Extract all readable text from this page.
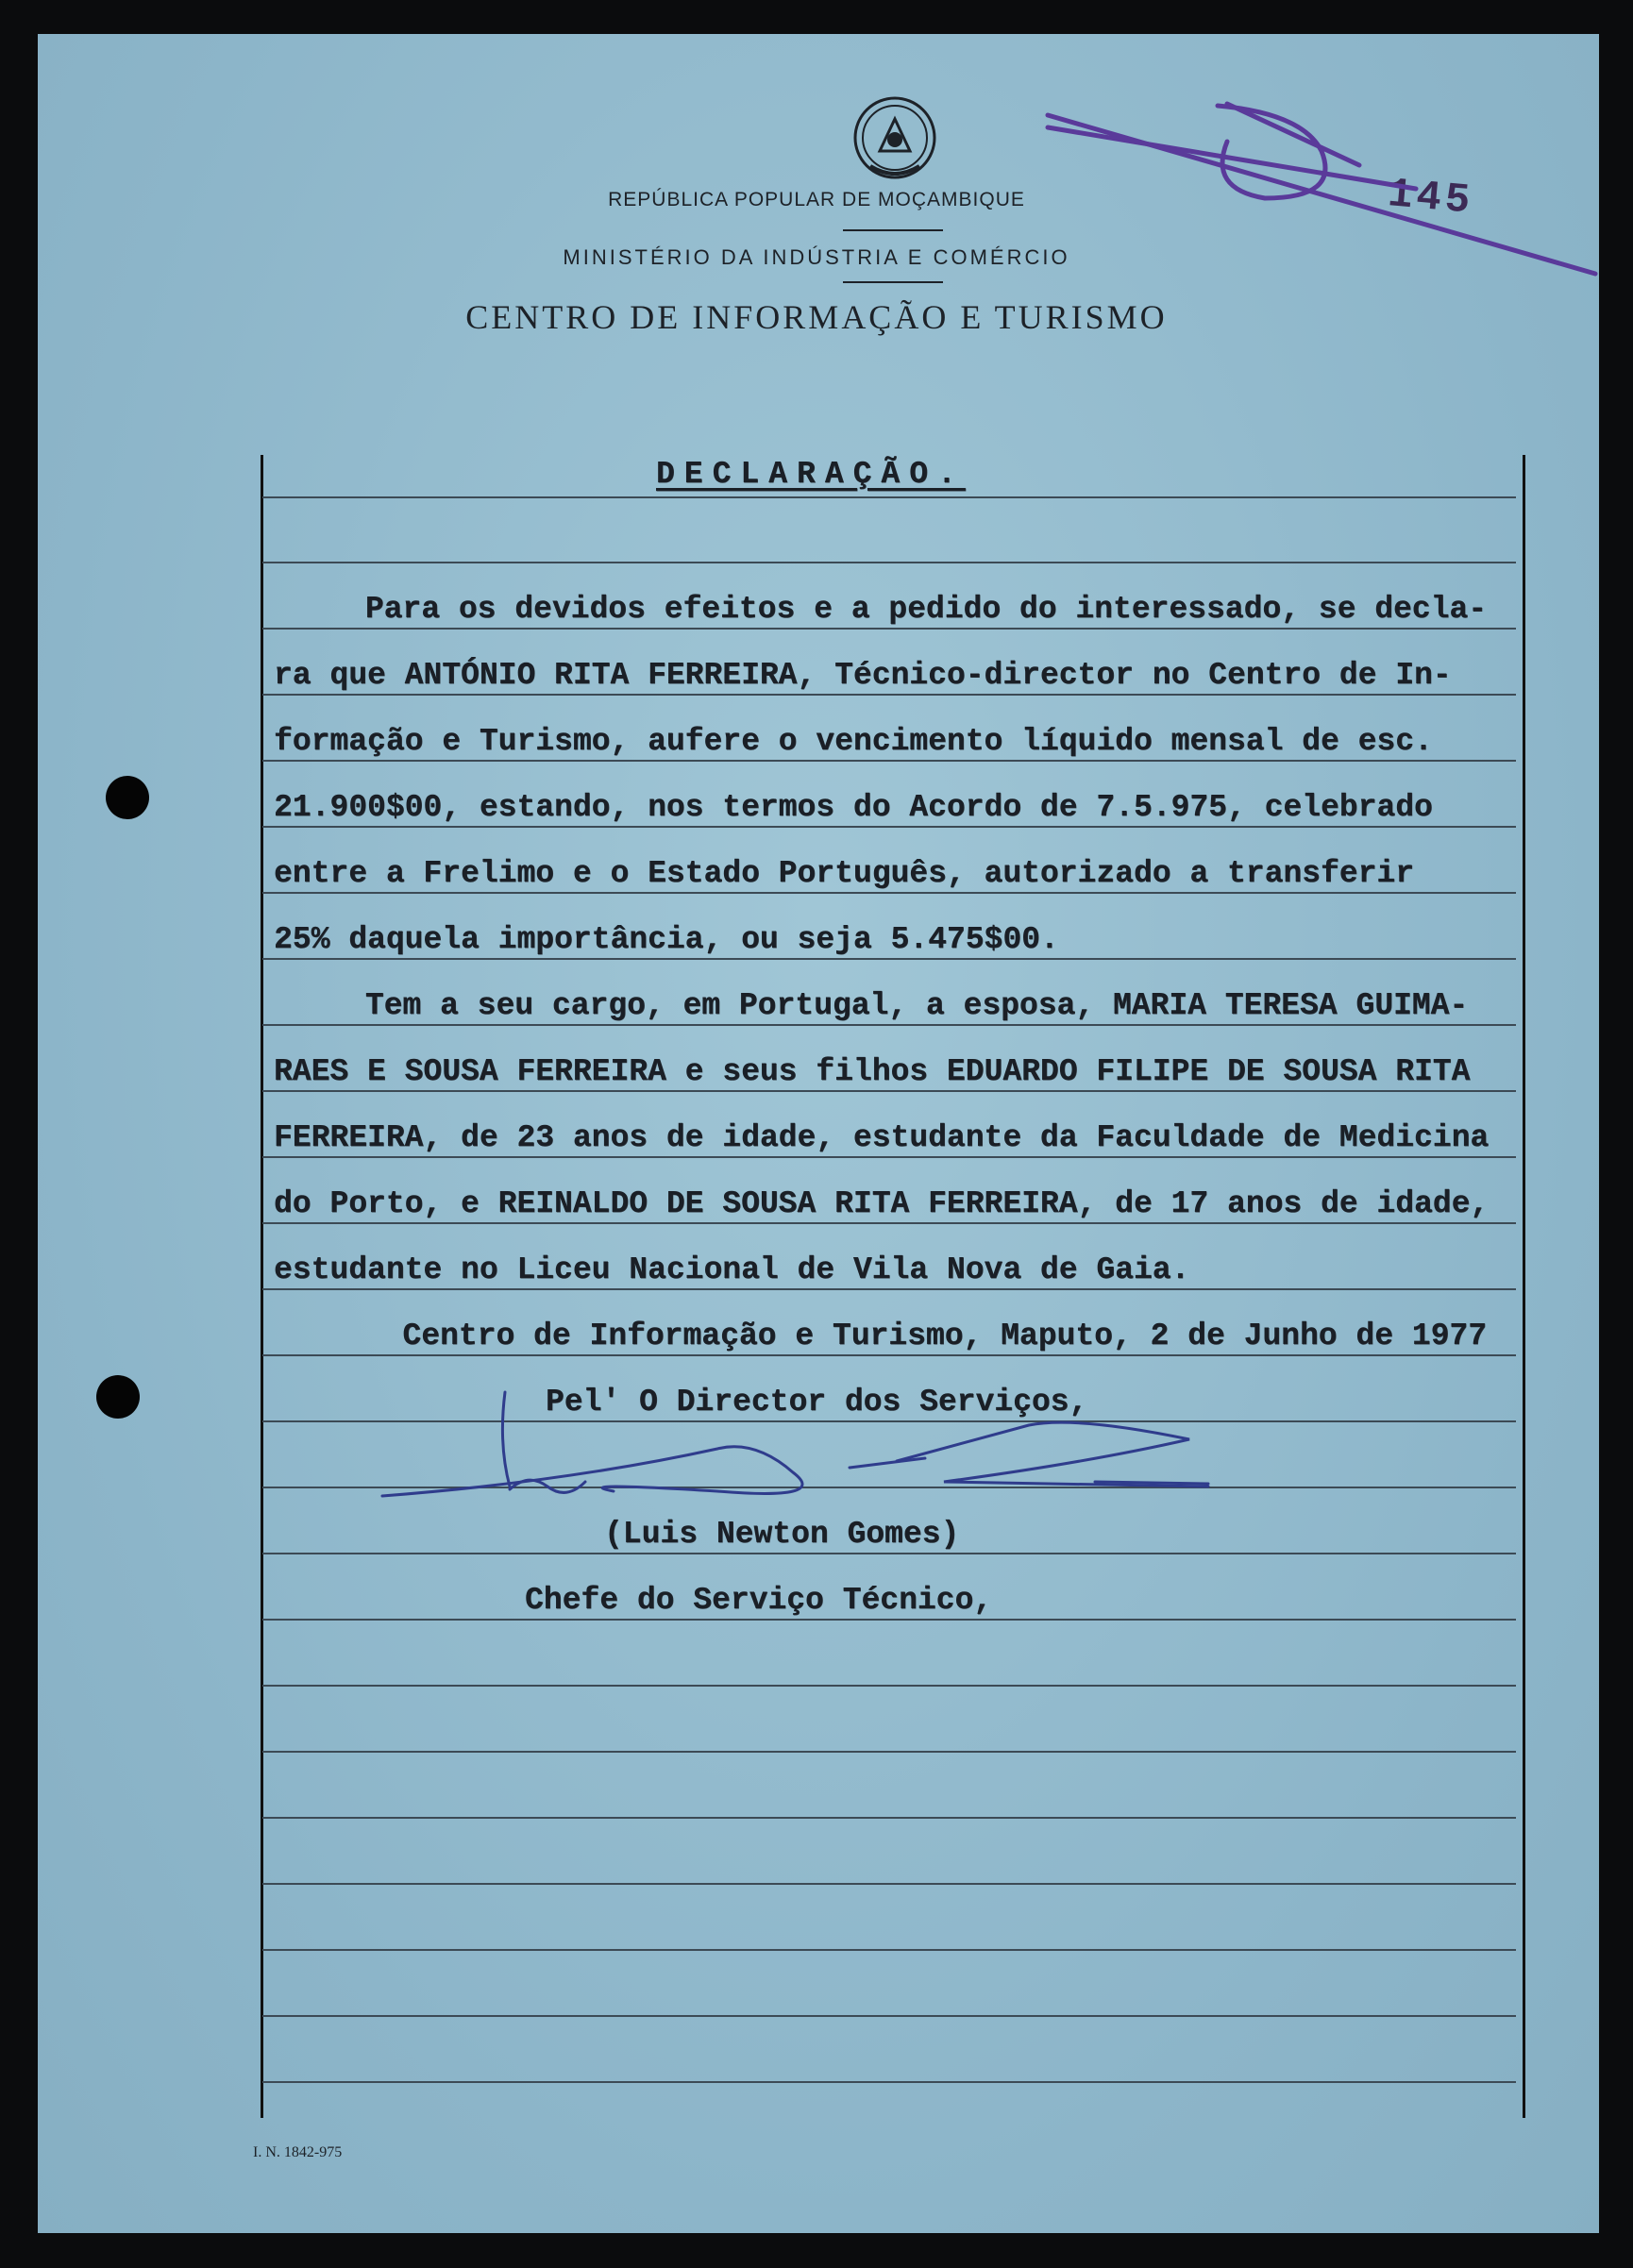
REPÚBLICA POPULAR DE MOÇAMBIQUE
MINISTÉRIO DA INDÚSTRIA E COMÉRCIO
CENTRO DE INFORMAÇÃO E TURISMO
145
DECLARAÇÃO.
Para os devidos efeitos e a pedido do interessado, se decla-
ra que ANTÓNIO RITA FERREIRA, Técnico-director no Centro de In-
formação e Turismo, aufere o vencimento líquido mensal de esc.
21.900$00, estando, nos termos do Acordo de 7.5.975, celebrado
entre a Frelimo e o Estado Português, autorizado a transferir
25% daquela importância, ou seja 5.475$00.
Tem a seu cargo, em Portugal, a esposa, MARIA TERESA GUIMA-
RAES E SOUSA FERREIRA e seus filhos EDUARDO FILIPE DE SOUSA RITA
FERREIRA, de 23 anos de idade, estudante da Faculdade de Medicina
do Porto, e REINALDO DE SOUSA RITA FERREIRA, de 17 anos de idade,
estudante no Liceu Nacional de Vila Nova de Gaia.
Centro de Informação e Turismo, Maputo, 2 de Junho de 1977
Pel' O Director dos Serviços,
(Luis Newton Gomes)
Chefe do Serviço Técnico,
I. N. 1842-975
